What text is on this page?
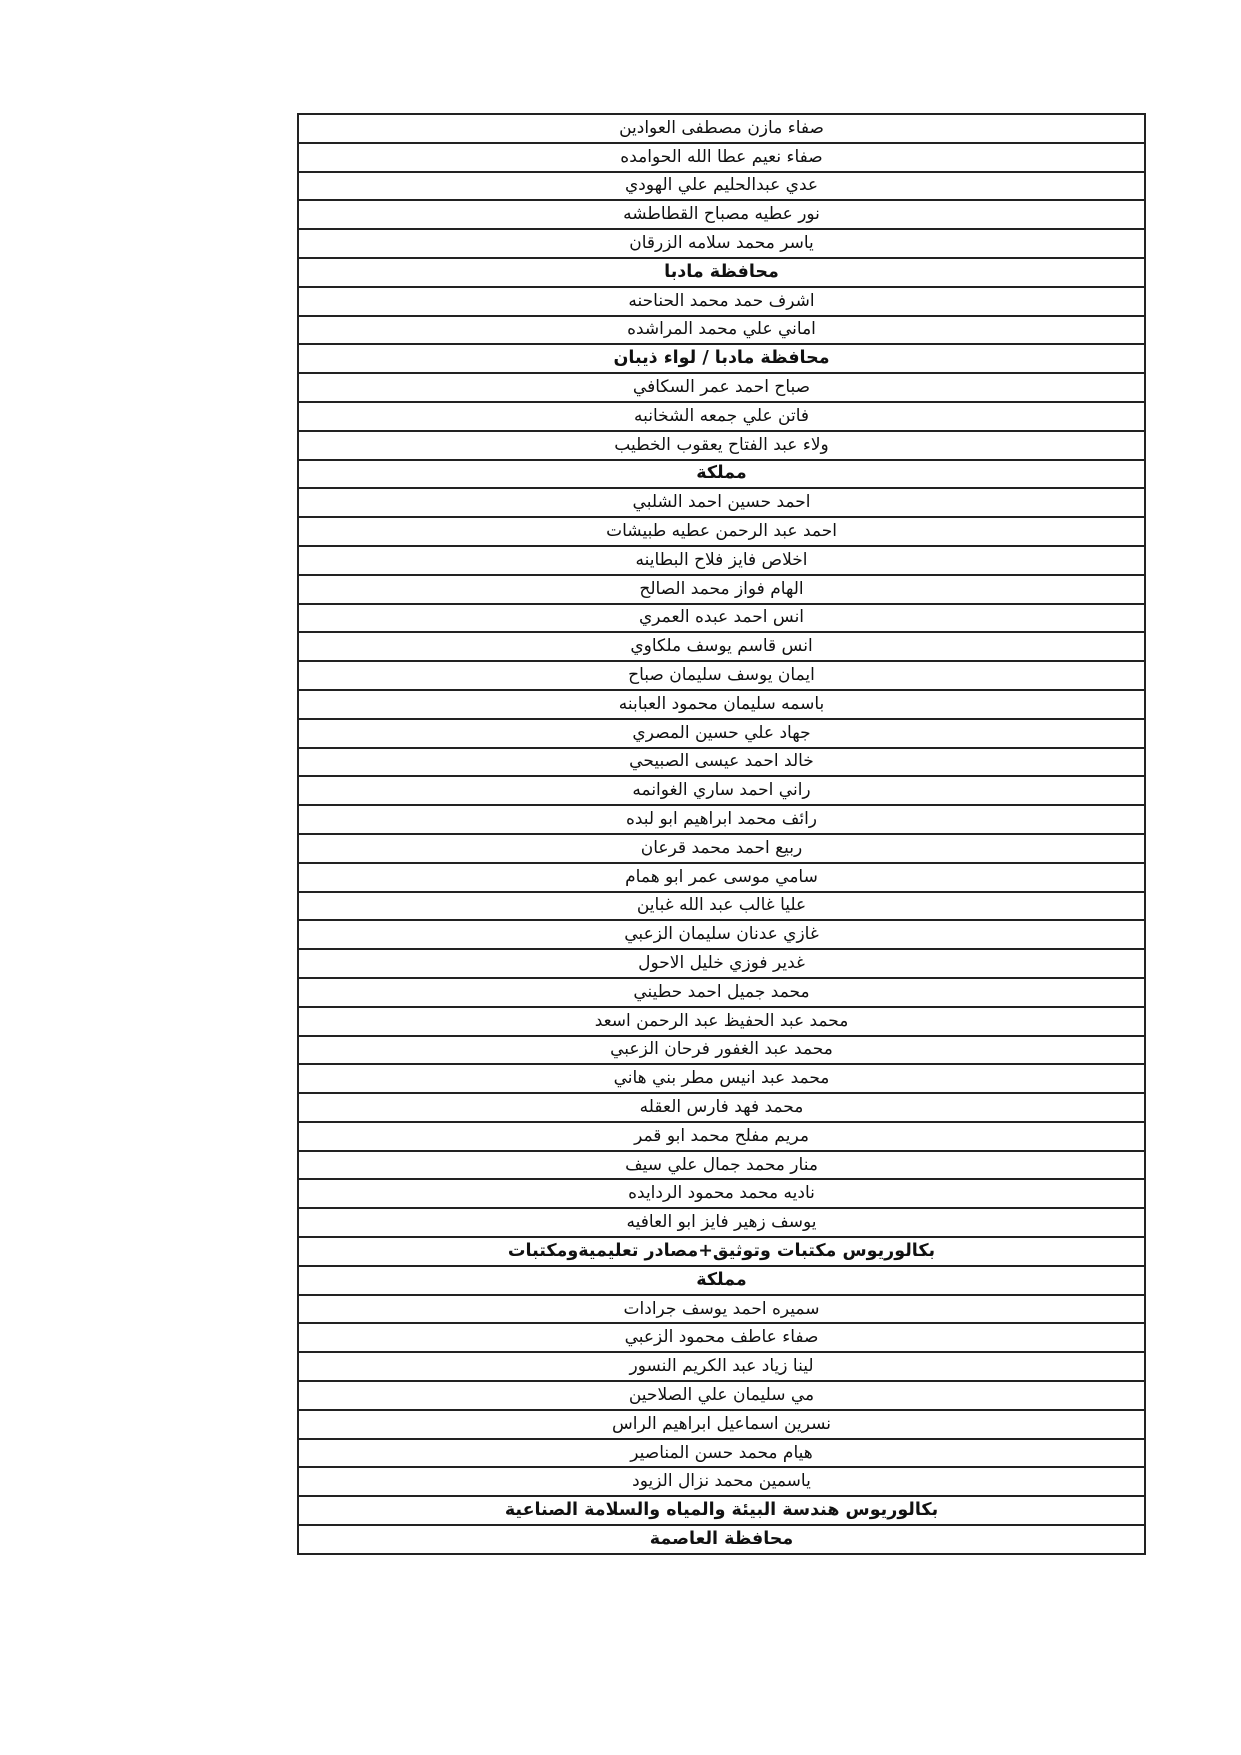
صفاء مازن مصطفى العوادين
صفاء نعيم عطا الله الحوامده
عدي عبدالحليم علي الهودي
نور عطيه مصباح القطاطشه
ياسر محمد سلامه الزرقان
محافظة مادبا
اشرف حمد محمد الحناحنه
اماني علي محمد المراشده
محافظة مادبا / لواء ذيبان
صباح احمد عمر السكافي
فاتن علي جمعه الشخانبه
ولاء عبد الفتاح يعقوب الخطيب
مملكة
احمد حسين احمد الشلبي
احمد عبد الرحمن عطيه طبيشات
اخلاص فايز فلاح البطاينه
الهام فواز محمد الصالح
انس احمد عبده العمري
انس قاسم يوسف ملكاوي
ايمان يوسف سليمان صباح
باسمه سليمان محمود العبابنه
جهاد علي حسين المصري
خالد احمد عيسى الصبيحي
راني احمد ساري الغوانمه
رائف محمد ابراهيم ابو لبده
ربيع احمد محمد قرعان
سامي موسى عمر ابو همام
عليا غالب عبد الله غباين
غازي عدنان سليمان الزعبي
غدير فوزي خليل الاحول
محمد جميل احمد حطيني
محمد عبد الحفيظ عبد الرحمن اسعد
محمد عبد الغفور فرحان الزعبي
محمد عبد انيس مطر بني هاني
محمد فهد فارس العقله
مريم مفلح محمد ابو قمر
منار محمد جمال علي سيف
ناديه محمد محمود الردايده
يوسف زهير فايز ابو العافيه
بكالوريوس مكتبات وتوثيق+مصادر تعليميةومكتبات
مملكة
سميره احمد يوسف جرادات
صفاء عاطف محمود الزعبي
لينا زياد عبد الكريم النسور
مي سليمان علي الصلاحين
نسرين اسماعيل ابراهيم الراس
هيام محمد حسن المناصير
ياسمين محمد نزال الزيود
بكالوريوس هندسة البيئة والمياه والسلامة الصناعية
محافظة العاصمة
